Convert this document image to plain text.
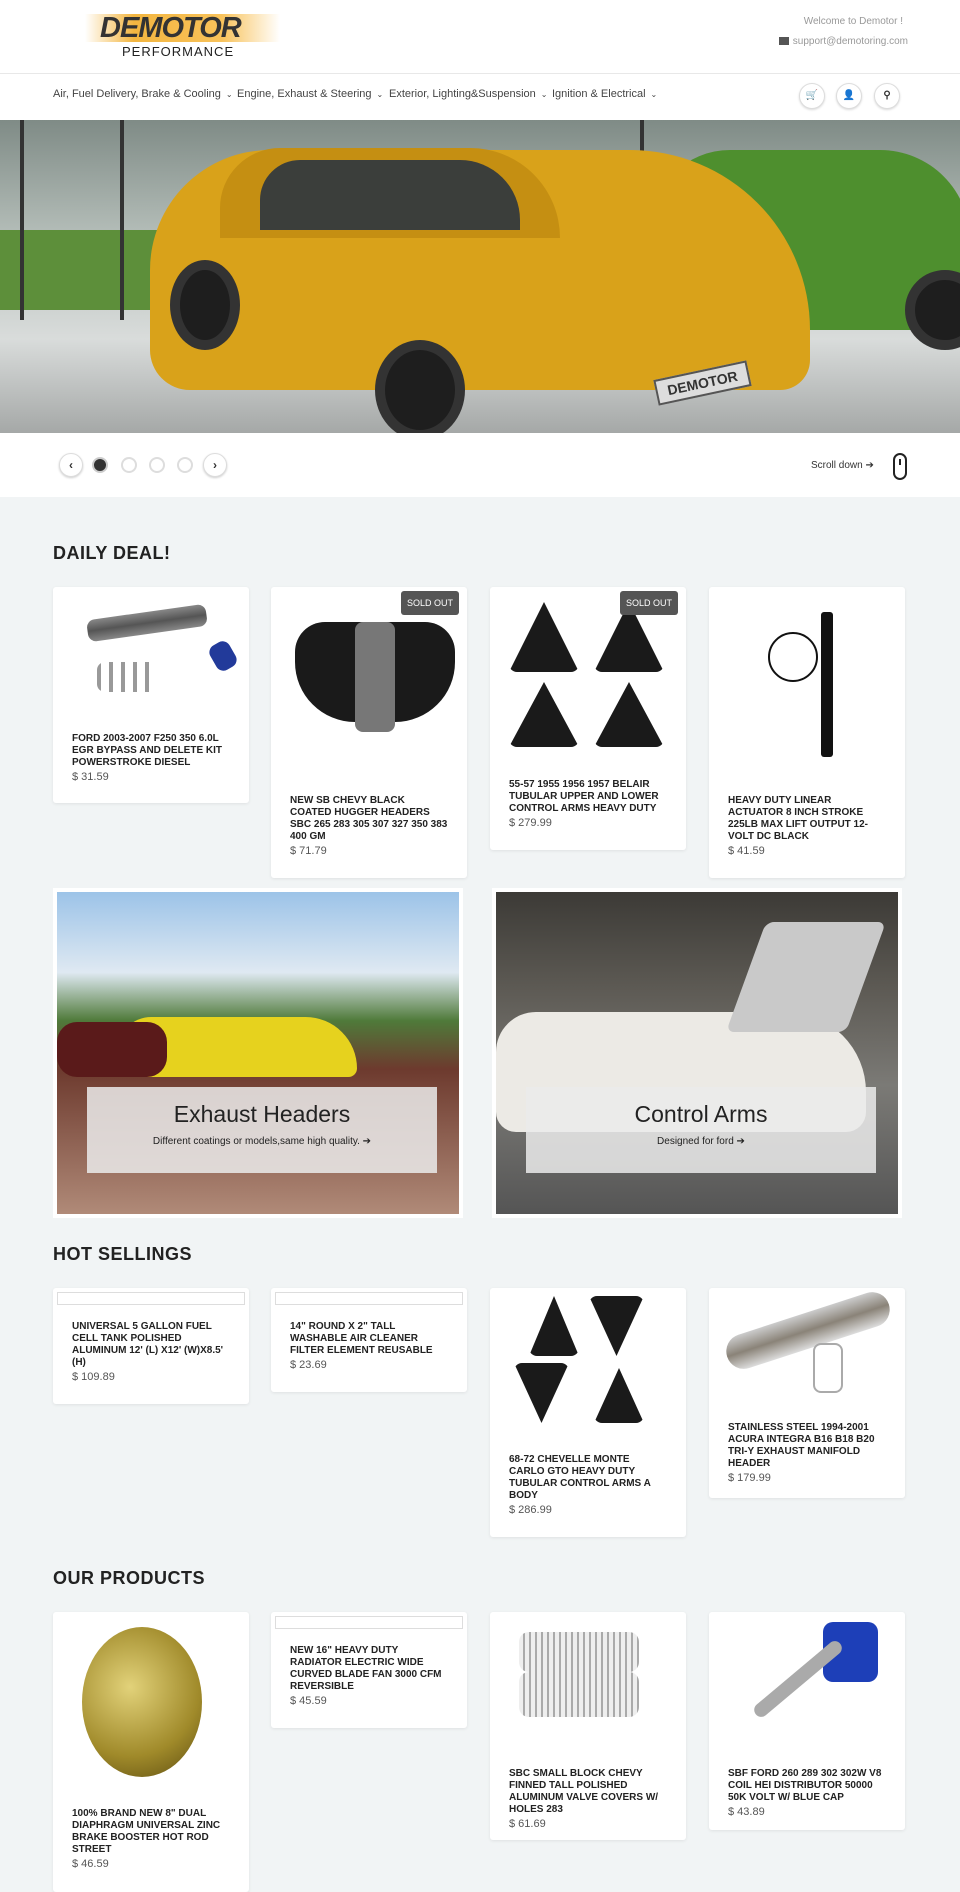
DEMOTOR
PERFORMANCE
Welcome to Demotor !
support@demotoring.com
Air, Fuel Delivery, Brake & Cooling ⌄ Engine, Exhaust & Steering ⌄ Exterior, Lighting&Suspension ⌄ Ignition & Electrical ⌄	🛒	👤	⚲
DEMOTOR
‹	›	Scroll down ➔
DAILY DEAL!
FORD 2003-2007 F250 350 6.0L EGR BYPASS AND DELETE KIT POWERSTROKE DIESEL
$ 31.59
SOLD OUT
NEW SB CHEVY BLACK COATED HUGGER HEADERS SBC 265 283 305 307 327 350 383 400 GM
$ 71.79
SOLD OUT
55-57 1955 1956 1957 BELAIR TUBULAR UPPER AND LOWER CONTROL ARMS HEAVY DUTY
$ 279.99
HEAVY DUTY LINEAR ACTUATOR 8 INCH STROKE 225LB MAX LIFT OUTPUT 12-VOLT DC BLACK
$ 41.59
Exhaust Headers

Different coatings or models,same high quality. ➔

Control Arms

Designed for ford ➔

HOT SELLINGS
UNIVERSAL 5 GALLON FUEL CELL TANK POLISHED ALUMINUM 12' (L) X12' (W)X8.5' (H)
$ 109.89
14" ROUND X 2" TALL WASHABLE AIR CLEANER FILTER ELEMENT REUSABLE
$ 23.69
68-72 CHEVELLE MONTE CARLO GTO HEAVY DUTY TUBULAR CONTROL ARMS A BODY
$ 286.99
STAINLESS STEEL 1994-2001 ACURA INTEGRA B16 B18 B20 TRI-Y EXHAUST MANIFOLD HEADER
$ 179.99
OUR PRODUCTS
100% BRAND NEW 8" DUAL DIAPHRAGM UNIVERSAL ZINC BRAKE BOOSTER HOT ROD STREET
$ 46.59
NEW 16" HEAVY DUTY RADIATOR ELECTRIC WIDE CURVED BLADE FAN 3000 CFM REVERSIBLE
$ 45.59
SBC SMALL BLOCK CHEVY FINNED TALL POLISHED ALUMINUM VALVE COVERS W/ HOLES 283
$ 61.69
SBF FORD 260 289 302 302W V8 COIL HEI DISTRIBUTOR 50000 50K VOLT W/ BLUE CAP
$ 43.89
